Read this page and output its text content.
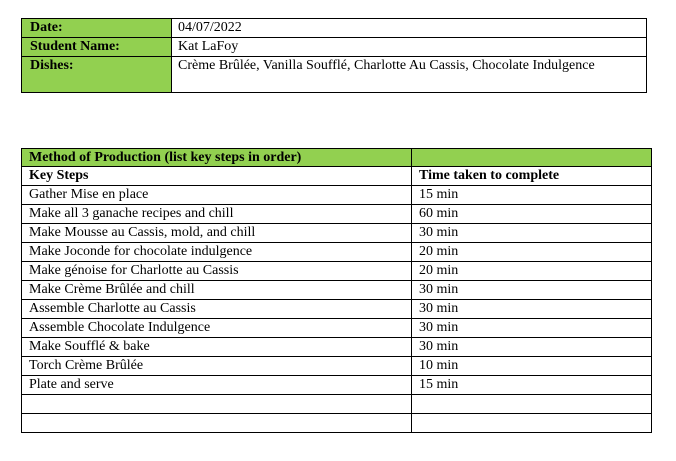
Date:	04/07/2022
Student Name:	Kat LaFoy
Dishes:	Crème Brûlée, Vanilla Soufflé, Charlotte Au Cassis, Chocolate Indulgence
Method of Production (list key steps in order)	
Key Steps	Time taken to complete
Gather Mise en place	15 min
Make all 3 ganache recipes and chill	60 min
Make Mousse au Cassis, mold, and chill	30 min
Make Joconde for chocolate indulgence	20 min
Make génoise for Charlotte au Cassis	20 min
Make Crème Brûlée and chill	30 min
Assemble Charlotte au Cassis	30 min
Assemble Chocolate Indulgence	30 min
Make Soufflé & bake	30 min
Torch Crème Brûlée	10 min
Plate and serve	15 min
